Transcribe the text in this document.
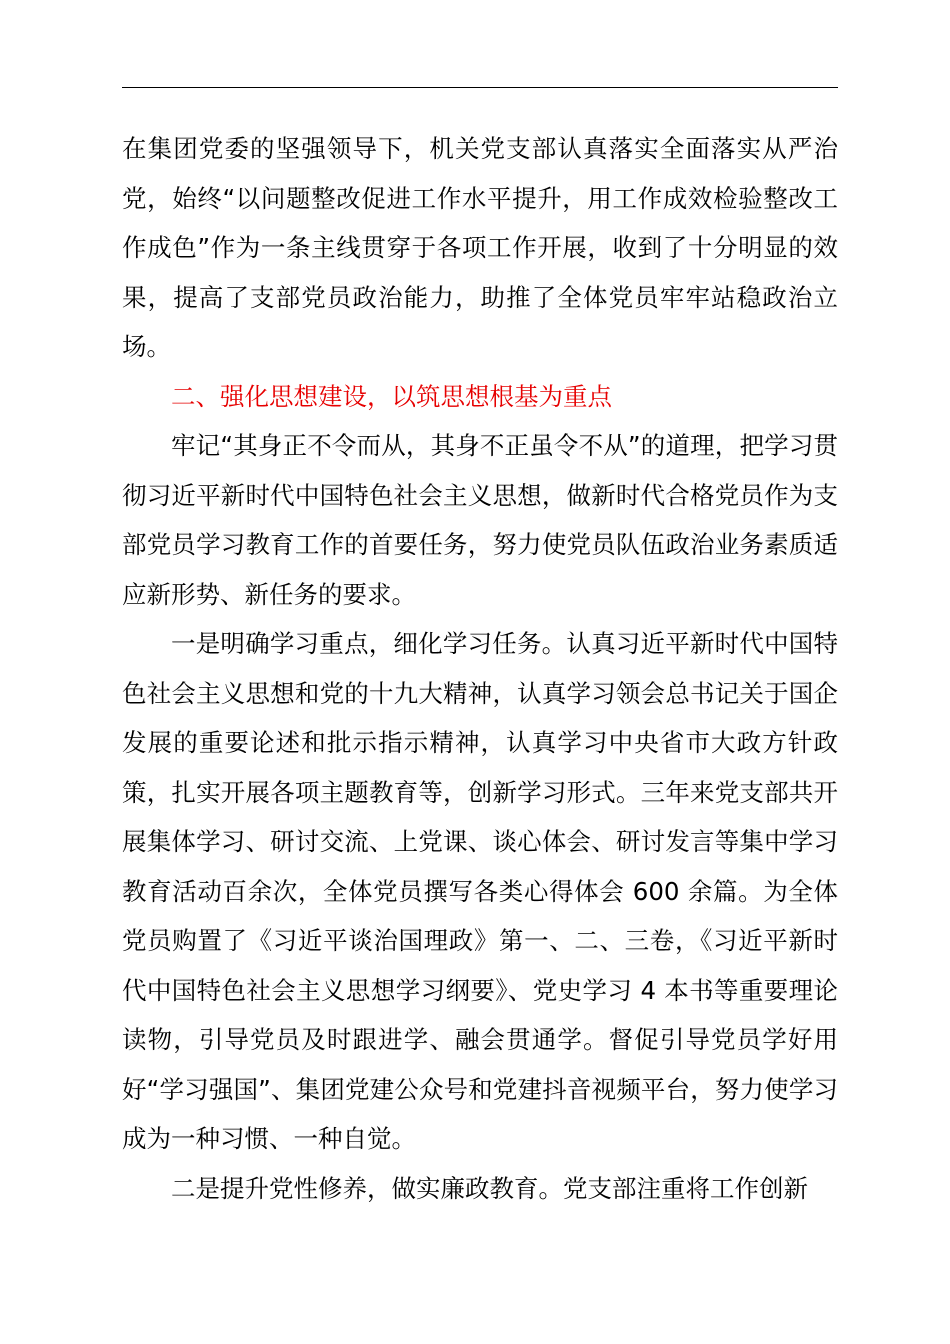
在集团党委的坚强领导下，机关党支部认真落实全面落实从严治党，始终“以问题整改促进工作水平提升，用工作成效检验整改工作成色”作为一条主线贯穿于各项工作开展，收到了十分明显的效果，提高了支部党员政治能力，助推了全体党员牢牢站稳政治立场。

二、强化思想建设，以筑思想根基为重点

牢记“其身正不令而从，其身不正虽令不从”的道理，把学习贯彻习近平新时代中国特色社会主义思想，做新时代合格党员作为支部党员学习教育工作的首要任务，努力使党员队伍政治业务素质适应新形势、新任务的要求。

一是明确学习重点，细化学习任务。认真习近平新时代中国特色社会主义思想和党的十九大精神，认真学习领会总书记关于国企发展的重要论述和批示指示精神，认真学习中央省市大政方针政策，扎实开展各项主题教育等，创新学习形式。三年来党支部共开展集体学习、研讨交流、上党课、谈心体会、研讨发言等集中学习教育活动百余次，全体党员撰写各类心得体会 600 余篇。为全体党员购置了《习近平谈治国理政》第一、二、三卷，《习近平新时代中国特色社会主义思想学习纲要》、党史学习 4 本书等重要理论读物，引导党员及时跟进学、融会贯通学。督促引导党员学好用好“学习强国”、集团党建公众号和党建抖音视频平台，努力使学习成为一种习惯、一种自觉。

二是提升党性修养，做实廉政教育。党支部注重将工作创新
